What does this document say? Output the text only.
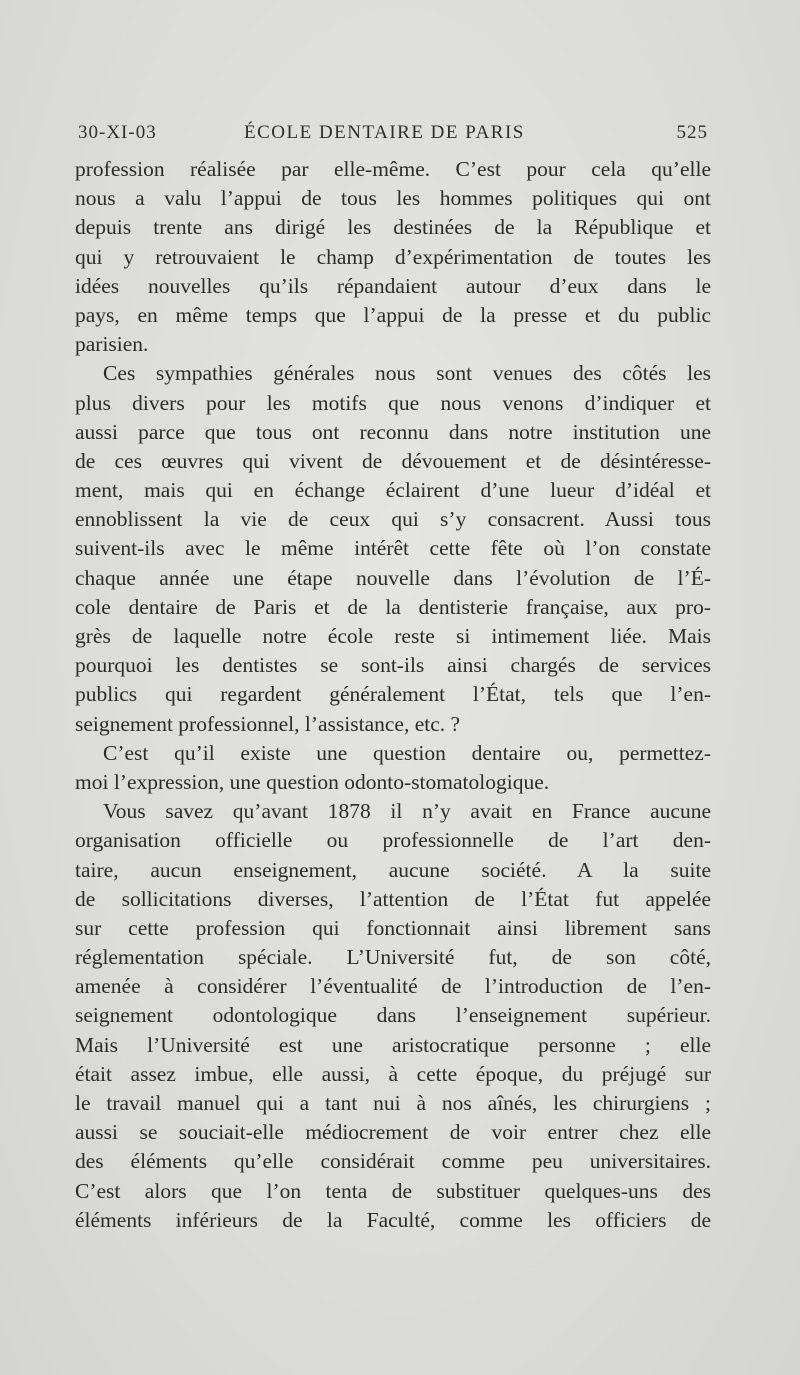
30-XI-03	ÉCOLE DENTAIRE DE PARIS	525
profession réalisée par elle-même. C’est pour cela qu’elle
nous a valu l’appui de tous les hommes politiques qui ont
depuis trente ans dirigé les destinées de la République et
qui y retrouvaient le champ d’expérimentation de toutes les
idées nouvelles qu’ils répandaient autour d’eux dans le
pays, en même temps que l’appui de la presse et du public
parisien.
Ces sympathies générales nous sont venues des côtés les
plus divers pour les motifs que nous venons d’indiquer et
aussi parce que tous ont reconnu dans notre institution une
de ces œuvres qui vivent de dévouement et de désintéresse-
ment, mais qui en échange éclairent d’une lueur d’idéal et
ennoblissent la vie de ceux qui s’y consacrent. Aussi tous
suivent-ils avec le même intérêt cette fête où l’on constate
chaque année une étape nouvelle dans l’évolution de l’É-
cole dentaire de Paris et de la dentisterie française, aux pro-
grès de laquelle notre école reste si intimement liée. Mais
pourquoi les dentistes se sont-ils ainsi chargés de services
publics qui regardent généralement l’État, tels que l’en-
seignement professionnel, l’assistance, etc. ?
C’est qu’il existe une question dentaire ou, permettez-
moi l’expression, une question odonto-stomatologique.
Vous savez qu’avant 1878 il n’y avait en France aucune
organisation officielle ou professionnelle de l’art den-
taire, aucun enseignement, aucune société. A la suite
de sollicitations diverses, l’attention de l’État fut appelée
sur cette profession qui fonctionnait ainsi librement sans
réglementation spéciale. L’Université fut, de son côté,
amenée à considérer l’éventualité de l’introduction de l’en-
seignement odontologique dans l’enseignement supérieur.
Mais l’Université est une aristocratique personne ; elle
était assez imbue, elle aussi, à cette époque, du préjugé sur
le travail manuel qui a tant nui à nos aînés, les chirurgiens ;
aussi se souciait-elle médiocrement de voir entrer chez elle
des éléments qu’elle considérait comme peu universitaires.
C’est alors que l’on tenta de substituer quelques-uns des
éléments inférieurs de la Faculté, comme les officiers de
